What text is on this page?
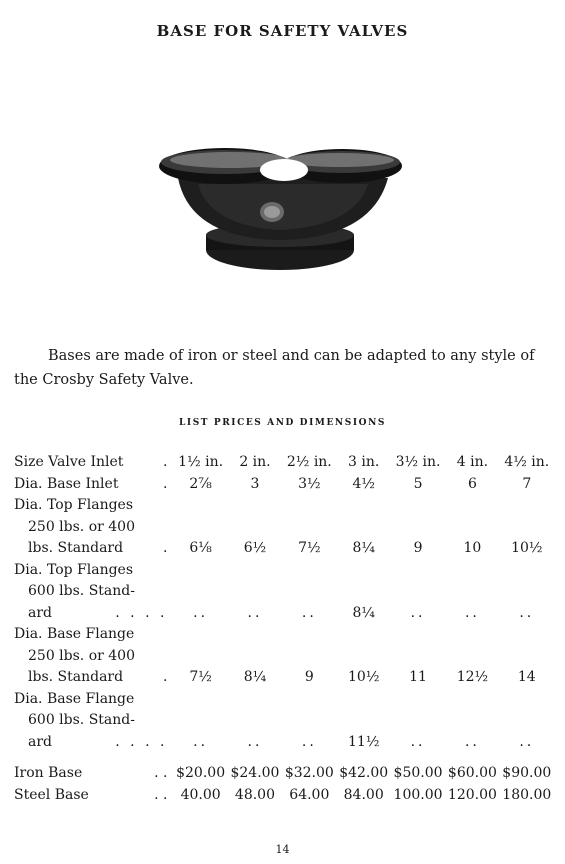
BASE FOR SAFETY VALVES

Bases are made of iron or steel and can be adapted to any style of the Crosby Safety Valve.

LIST PRICES AND DIMENSIONS
Size Valve Inlet .	1½ in.	2 in.	2½ in.	3 in.	3½ in.	4 in.	4½ in.
Dia. Base Inlet .	2⅞	3	3½	4½	5	6	7
Dia. Top Flanges							
250 lbs. or 400							
lbs. Standard .	6⅛	6½	7½	8¼	9	10	10½
Dia. Top Flanges							
600 lbs. Stand-							
ard . . . .	..	..	..	8¼	..	..	..
Dia. Base Flange							
250 lbs. or 400							
lbs. Standard .	7½	8¼	9	10½	11	12½	14
Dia. Base Flange							
600 lbs. Stand-							
ard . . . .	..	..	..	11½	..	..	..

Iron Base . .	$20.00	$24.00	$32.00	$42.00	$50.00	$60.00	$90.00
Steel Base . .	40.00	48.00	64.00	84.00	100.00	120.00	180.00
14
